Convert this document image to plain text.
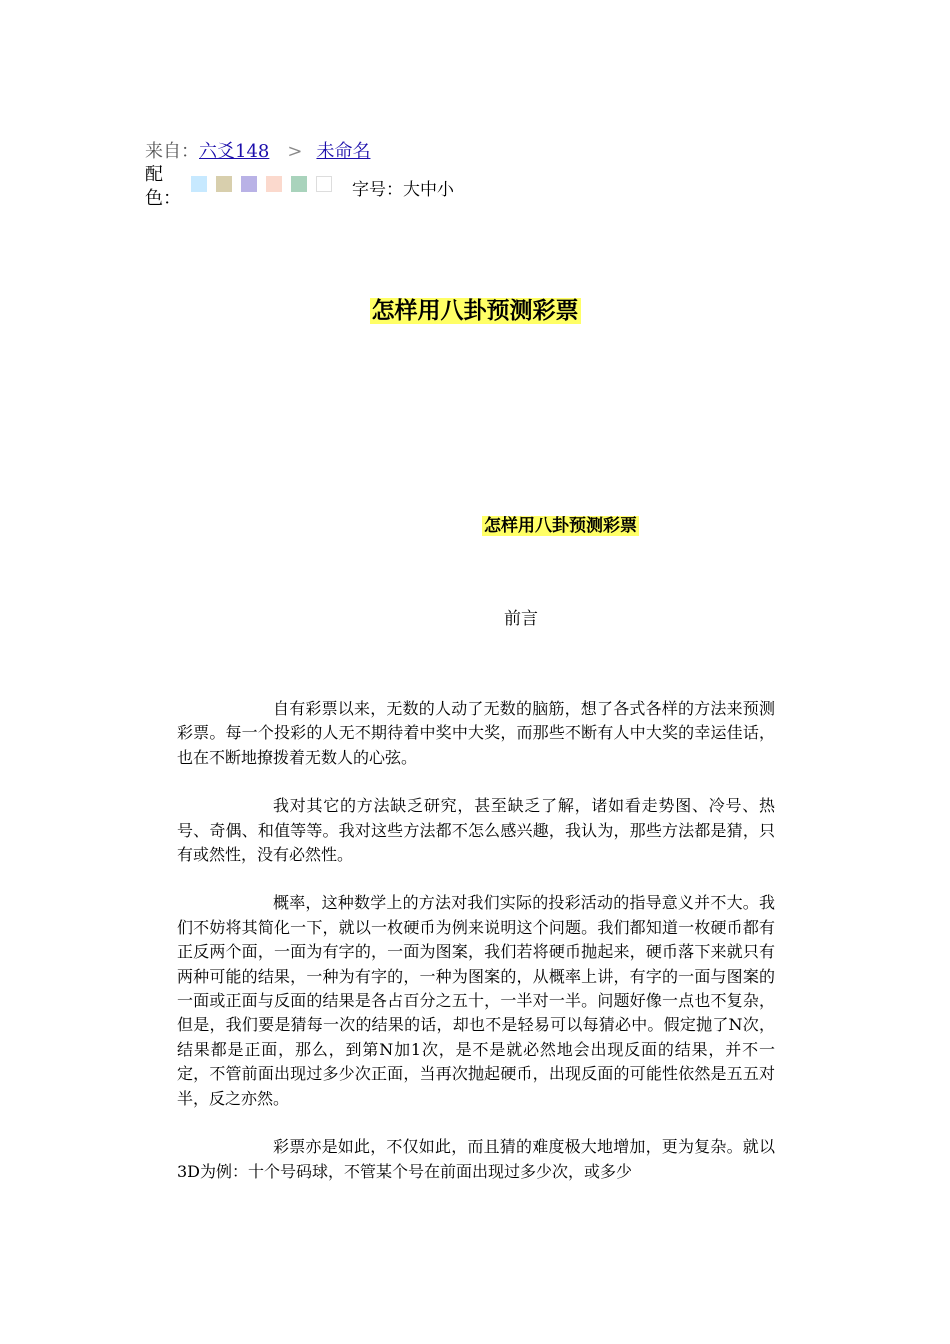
来自：六爻148 > 未命名
配色：	字号：大中小
怎样用八卦预测彩票
怎样用八卦预测彩票
前言

自有彩票以来，无数的人动了无数的脑筋，想了各式各样的方法来预测彩票。每一个投彩的人无不期待着中奖中大奖，而那些不断有人中大奖的幸运佳话，也在不断地撩拨着无数人的心弦。

我对其它的方法缺乏研究，甚至缺乏了解，诸如看走势图、冷号、热号、奇偶、和值等等。我对这些方法都不怎么感兴趣，我认为，那些方法都是猜，只有或然性，没有必然性。

概率，这种数学上的方法对我们实际的投彩活动的指导意义并不大。我们不妨将其简化一下，就以一枚硬币为例来说明这个问题。我们都知道一枚硬币都有正反两个面，一面为有字的，一面为图案，我们若将硬币抛起来，硬币落下来就只有两种可能的结果，一种为有字的，一种为图案的，从概率上讲，有字的一面与图案的一面或正面与反面的结果是各占百分之五十，一半对一半。问题好像一点也不复杂，但是，我们要是猜每一次的结果的话，却也不是轻易可以每猜必中。假定抛了N次，结果都是正面，那么，到第N加1次，是不是就必然地会出现反面的结果，并不一定，不管前面出现过多少次正面，当再次抛起硬币，出现反面的可能性依然是五五对半，反之亦然。

彩票亦是如此，不仅如此，而且猜的难度极大地增加，更为复杂。就以3D为例：十个号码球，不管某个号在前面出现过多少次，或多少
